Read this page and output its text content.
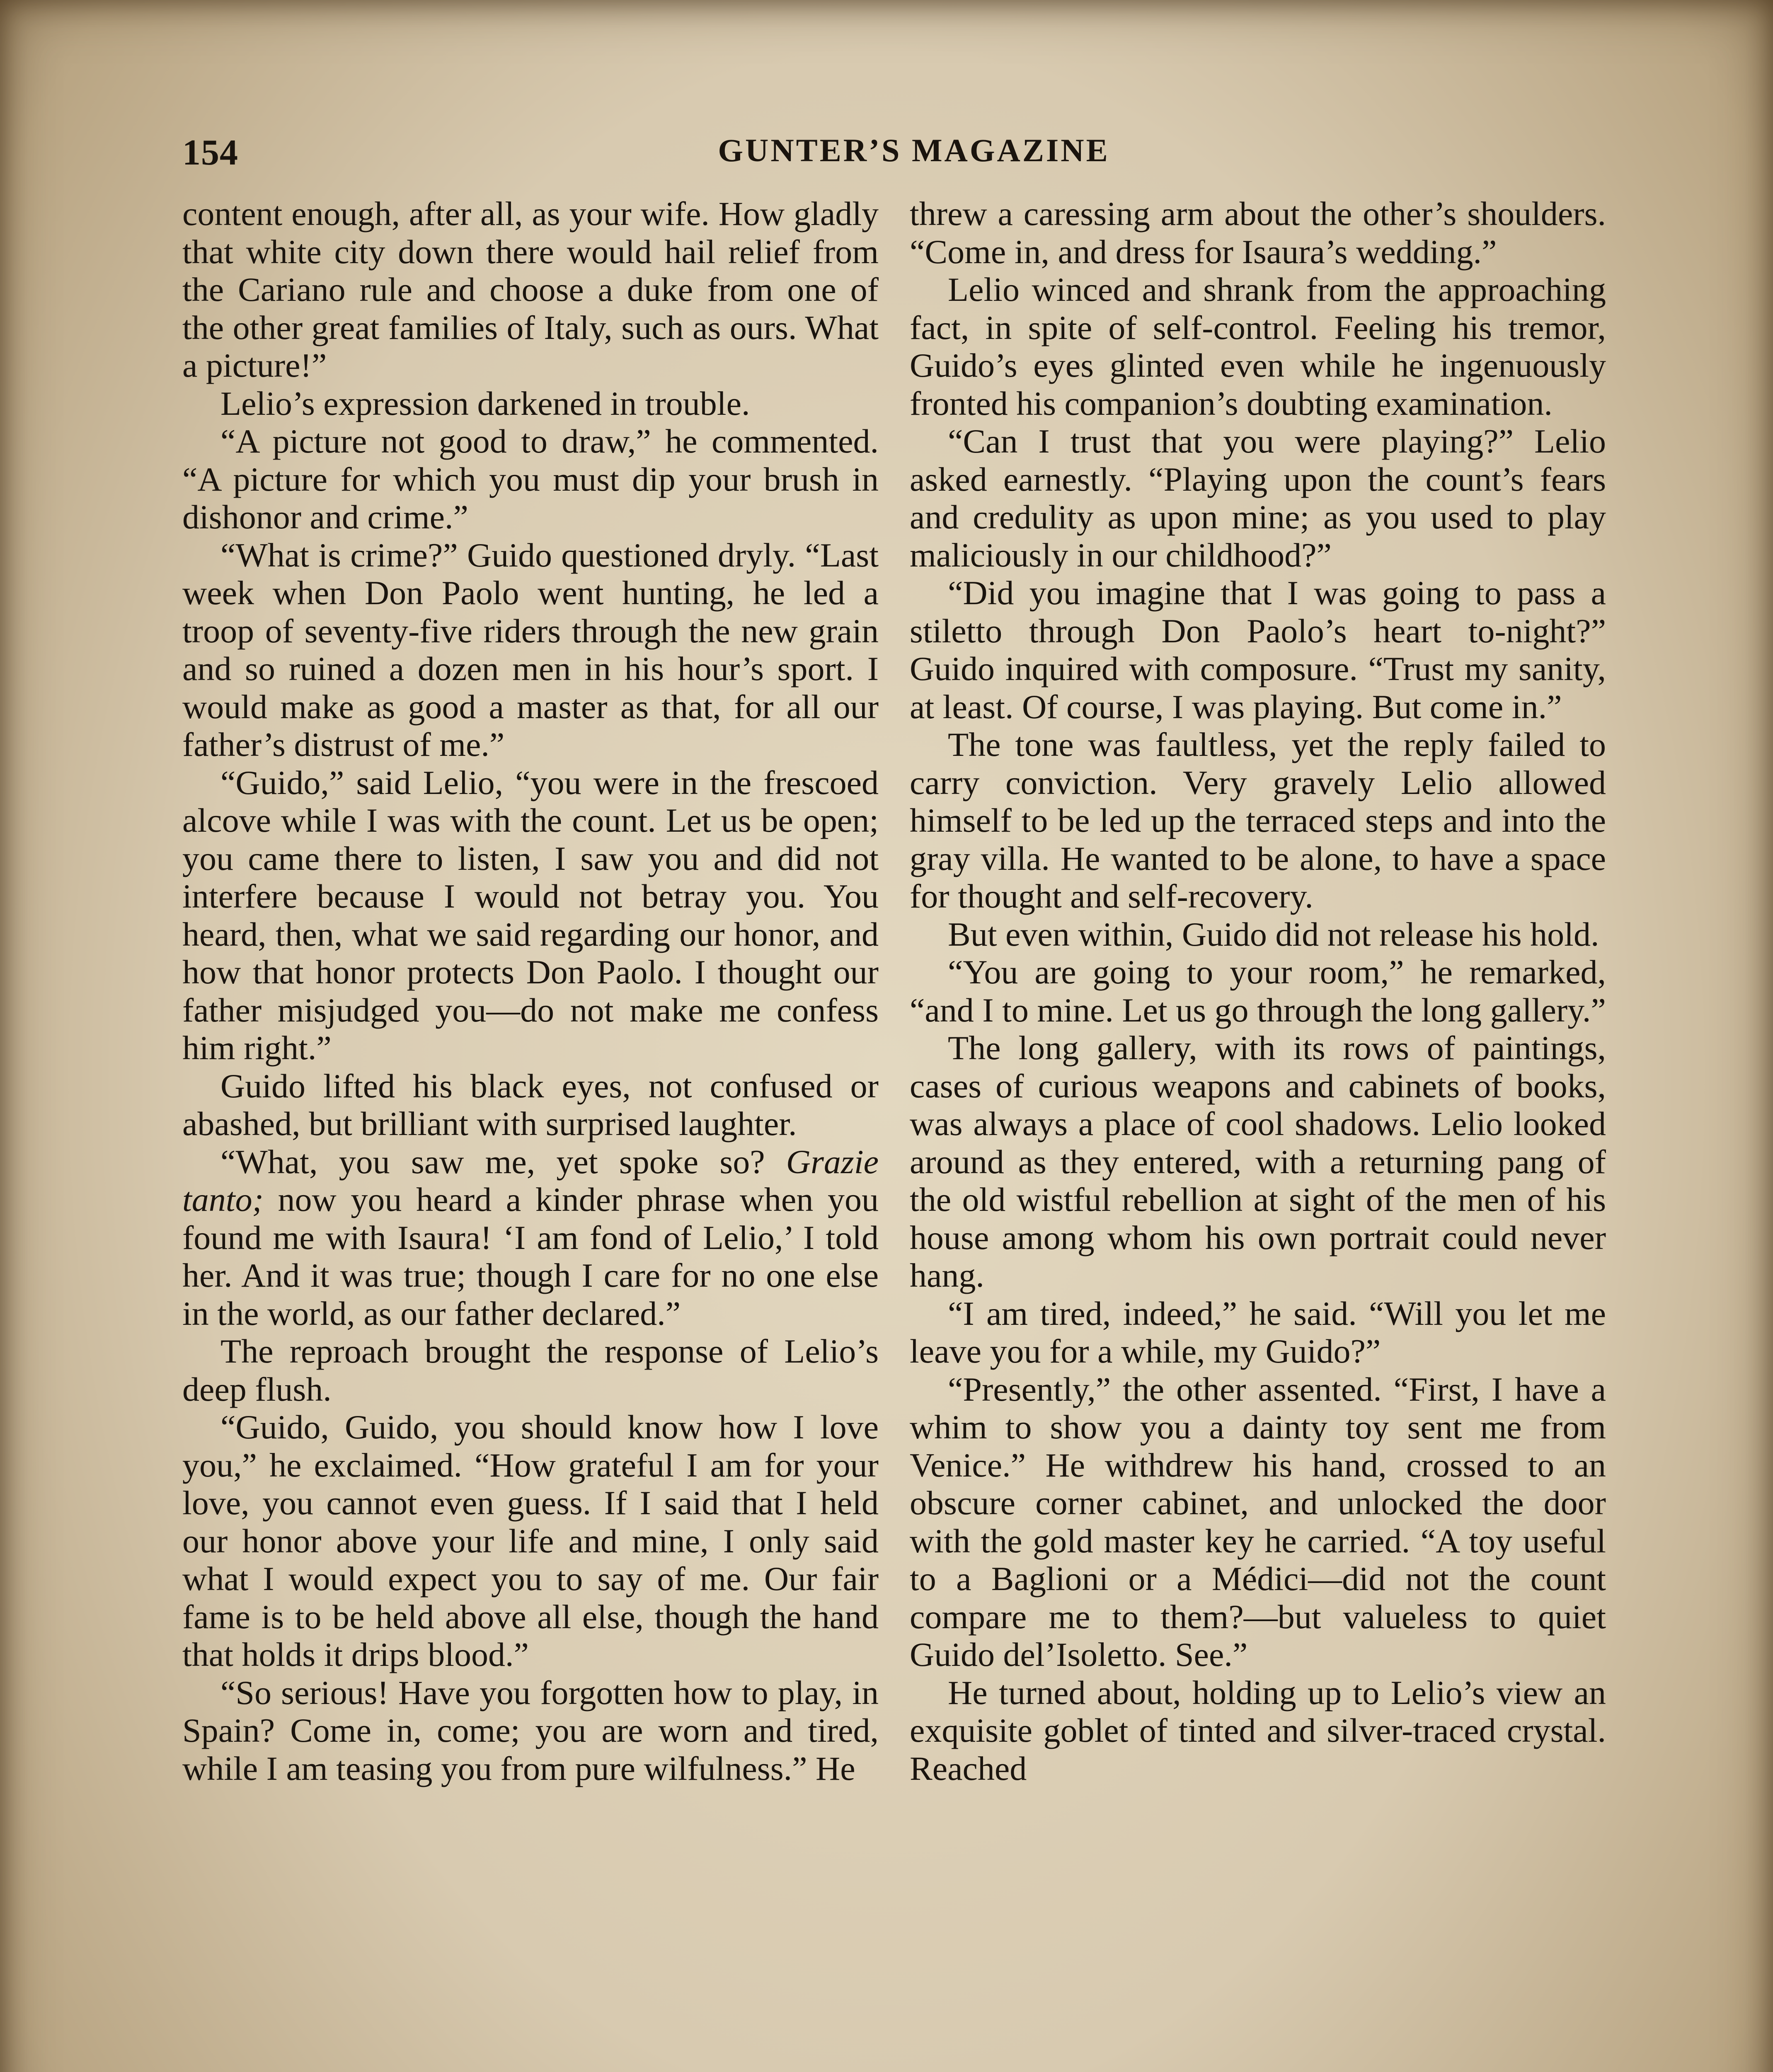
154	GUNTER’S MAGAZINE

content enough, after all, as your wife. How gladly that white city down there would hail relief from the Cariano rule and choose a duke from one of the other great families of Italy, such as ours. What a picture!”

Lelio’s expression darkened in trouble.

“A picture not good to draw,” he commented. “A picture for which you must dip your brush in dishonor and crime.”

“What is crime?” Guido questioned dryly. “Last week when Don Paolo went hunting, he led a troop of seventy-five riders through the new grain and so ruined a dozen men in his hour’s sport. I would make as good a master as that, for all our father’s distrust of me.”

“Guido,” said Lelio, “you were in the frescoed alcove while I was with the count. Let us be open; you came there to listen, I saw you and did not interfere because I would not betray you. You heard, then, what we said regarding our honor, and how that honor protects Don Paolo. I thought our father misjudged you—do not make me confess him right.”

Guido lifted his black eyes, not confused or abashed, but brilliant with surprised laughter.

“What, you saw me, yet spoke so? Grazie tanto; now you heard a kinder phrase when you found me with Isaura! ‘I am fond of Lelio,’ I told her. And it was true; though I care for no one else in the world, as our father declared.”

The reproach brought the response of Lelio’s deep flush.

“Guido, Guido, you should know how I love you,” he exclaimed. “How grateful I am for your love, you cannot even guess. If I said that I held our honor above your life and mine, I only said what I would expect you to say of me. Our fair fame is to be held above all else, though the hand that holds it drips blood.”

“So serious! Have you forgotten how to play, in Spain? Come in, come; you are worn and tired, while I am teasing you from pure wilfulness.” He

threw a caressing arm about the other’s shoulders. “Come in, and dress for Isaura’s wedding.”

Lelio winced and shrank from the approaching fact, in spite of self-control. Feeling his tremor, Guido’s eyes glinted even while he ingenuously fronted his companion’s doubting examination.

“Can I trust that you were playing?” Lelio asked earnestly. “Playing upon the count’s fears and credulity as upon mine; as you used to play maliciously in our childhood?”

“Did you imagine that I was going to pass a stiletto through Don Paolo’s heart to-night?” Guido inquired with composure. “Trust my sanity, at least. Of course, I was playing. But come in.”

The tone was faultless, yet the reply failed to carry conviction. Very gravely Lelio allowed himself to be led up the terraced steps and into the gray villa. He wanted to be alone, to have a space for thought and self-recovery.

But even within, Guido did not release his hold.

“You are going to your room,” he remarked, “and I to mine. Let us go through the long gallery.”

The long gallery, with its rows of paintings, cases of curious weapons and cabinets of books, was always a place of cool shadows. Lelio looked around as they entered, with a returning pang of the old wistful rebellion at sight of the men of his house among whom his own portrait could never hang.

“I am tired, indeed,” he said. “Will you let me leave you for a while, my Guido?”

“Presently,” the other assented. “First, I have a whim to show you a dainty toy sent me from Venice.” He withdrew his hand, crossed to an obscure corner cabinet, and unlocked the door with the gold master key he carried. “A toy useful to a Baglioni or a Médici—did not the count compare me to them?—but valueless to quiet Guido del’Isoletto. See.”

He turned about, holding up to Lelio’s view an exquisite goblet of tinted and silver-traced crystal. Reached
